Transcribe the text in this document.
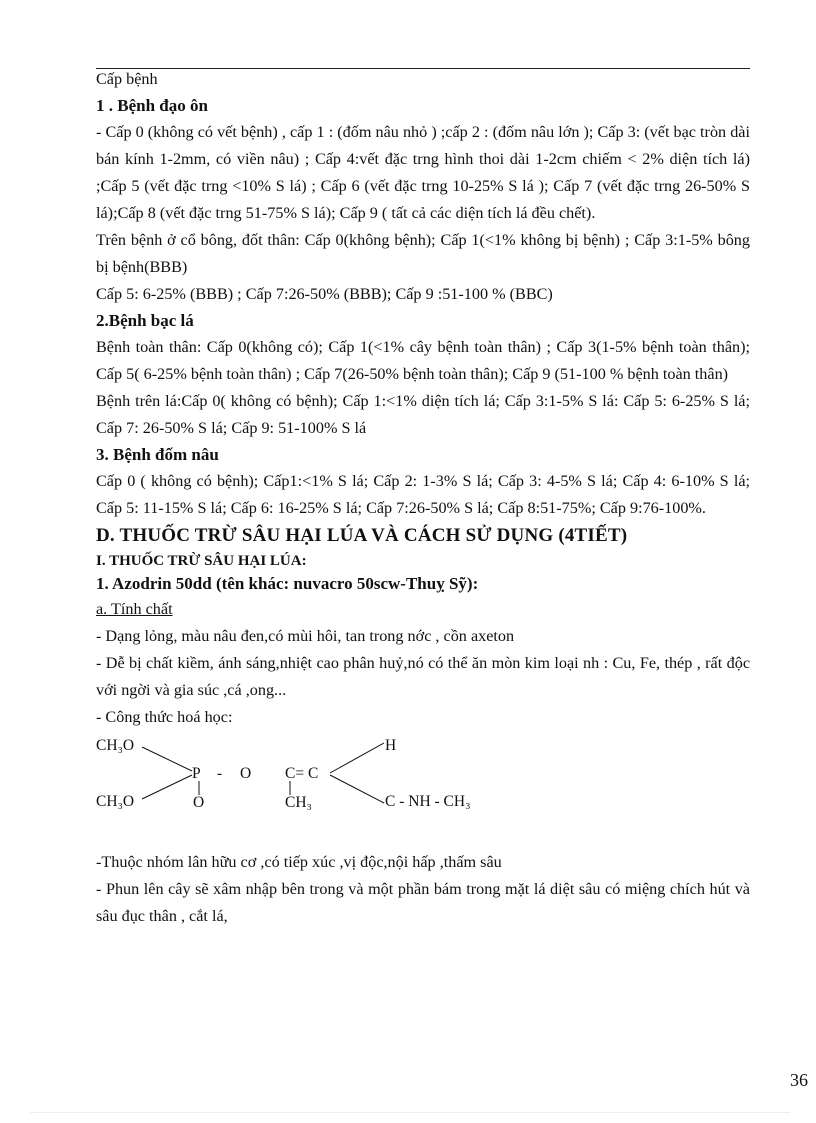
Cấp bệnh

1 . Bệnh đạo ôn

- Cấp 0 (không có vết bệnh) , cấp 1 : (đốm nâu nhỏ ) ;cấp 2 : (đốm nâu lớn ); Cấp 3: (vết bạc tròn dài bán kính 1-2mm, có viền nâu) ; Cấp 4:vết đặc trng hình thoi dài 1-2cm chiếm < 2% diện tích lá) ;Cấp 5 (vết đặc trng <10% S lá) ; Cấp 6 (vết đặc trng 10-25% S lá ); Cấp 7 (vết đặc trng 26-50% S lá);Cấp 8 (vết đặc trng 51-75% S lá); Cấp 9 ( tất cả các diện tích lá đều chết).

Trên bệnh ở cổ bông, đốt thân: Cấp 0(không bệnh); Cấp 1(<1% không bị bệnh) ; Cấp 3:1-5% bông bị bệnh(BBB)

Cấp 5: 6-25% (BBB) ; Cấp 7:26-50% (BBB); Cấp 9 :51-100 % (BBC)

2.Bệnh bạc lá

Bệnh toàn thân: Cấp 0(không có); Cấp 1(<1% cây bệnh toàn thân) ; Cấp 3(1-5% bệnh toàn thân); Cấp 5( 6-25% bệnh toàn thân) ; Cấp 7(26-50% bệnh toàn thân); Cấp 9 (51-100 % bệnh toàn thân)

Bệnh trên lá:Cấp 0( không có bệnh); Cấp 1:<1% diện tích lá; Cấp 3:1-5% S lá: Cấp 5: 6-25% S lá; Cấp 7: 26-50% S lá; Cấp 9: 51-100% S lá

3. Bệnh đốm nâu

Cấp 0 ( không có bệnh); Cấp1:<1% S lá; Cấp 2: 1-3% S lá; Cấp 3: 4-5% S lá; Cấp 4: 6-10% S lá; Cấp 5: 11-15% S lá; Cấp 6: 16-25% S lá; Cấp 7:26-50% S lá; Cấp 8:51-75%; Cấp 9:76-100%.

D. THUỐC TRỪ SÂU HẠI LÚA VÀ CÁCH SỬ DỤNG (4TIẾT)

I. THUỐC TRỪ SÂU HẠI LÚA:

1. Azodrin 50dd (tên khác: nuvacro 50scw-Thuỵ Sỹ):

a. Tính chất

- Dạng lỏng, màu nâu đen,có mùi hôi, tan trong nớc , cồn axeton

- Dễ bị chất kiềm, ánh sáng,nhiệt cao phân huỷ,nó có thể ăn mòn kim loại nh : Cu, Fe, thép , rất độc với ngời và gia súc ,cá ,ong...

- Công thức hoá học:

CH₃O
CH₃O
P
O
- O C= C
CH₃
H
C - NH - CH₃

-Thuộc nhóm lân hữu cơ ,có tiếp xúc ,vị độc,nội hấp ,thấm sâu

- Phun lên cây sẽ xâm nhập bên trong và một phần bám trong mặt lá diệt sâu có miệng chích hút và sâu đục thân , cắt lá,

36
